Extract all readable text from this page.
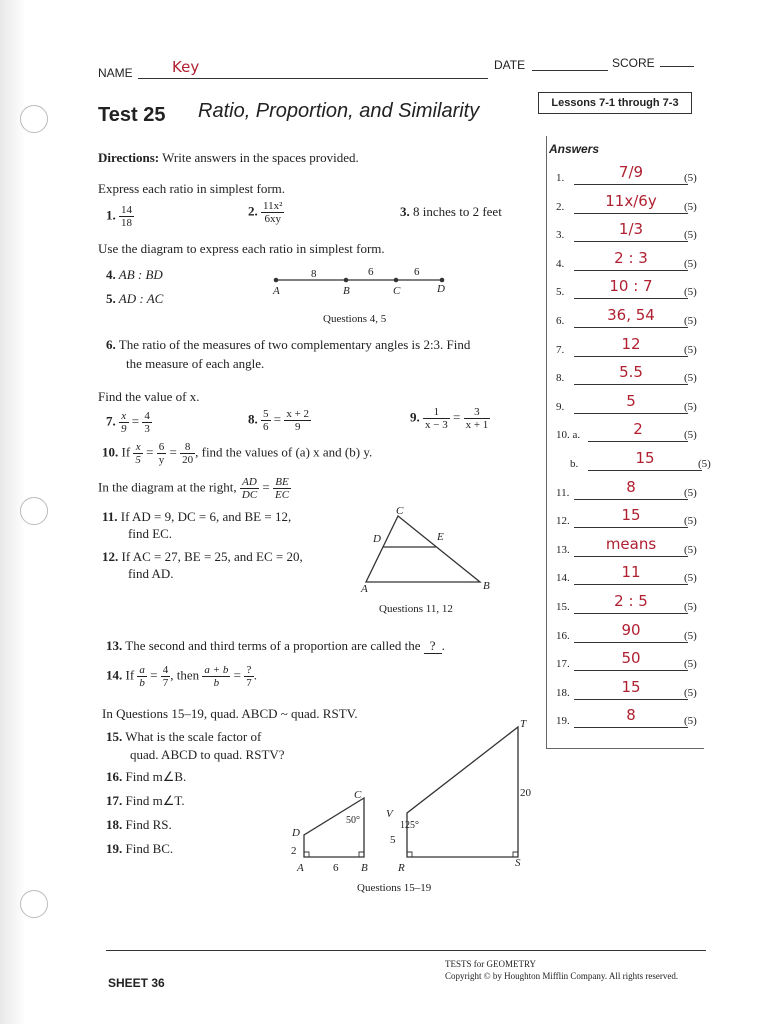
NAME	Key	DATE	SCORE
Test 25 Ratio, Proportion, and Similarity	Lessons 7-1 through 7-3
Directions: Write answers in the spaces provided.
Express each ratio in simplest form.
1. $\frac{14}{18}$	2. $\frac{\text{11x²}}{6xy}$	3. 8 inches to 2 feet
Use the diagram to express each ratio in simplest form.
4. AB : BD
5. AD : AC	A	B	C	D
8	6	6
Questions 4, 5
6. The ratio of the measures of two complementary angles is 2:3. Find
the measure of each angle.
Find the value of x.
7. $\frac{x}{9} = \frac{4}{3}$	8. $\frac{5}{6} = \frac{x + 2}{9}$	9. $\frac{1}{x - 3} = \frac{3}{x + 1}$
10. If $\frac{x}{5} = \frac{6}{y} = \frac{8}{20}$ , find the values of (a) x and (b) y.
In the diagram at the right, $\frac{AD}{DC} = \frac{BE}{EC}$
11. If AD = 9, DC = 6, and BE = 12,
find EC.
12. If AC = 27, BE = 25, and EC = 20,
find AD.
C
D	E
A	B
Questions 11, 12
13. The second and third terms of a proportion are called the ? .
14. If $\frac{a}{b} = \frac{4}{7}$ , then $\frac{a + b}{b} = \frac{?}{7}$ .
In Questions 15–19, quad. ABCD ~ quad. RSTV.
15. What is the scale factor of
quad. ABCD to quad. RSTV?
16. Find m∠B.
17. Find m∠T.
18. Find RS.
19. Find BC.
C
D
A	B
2
6
50°
T
V
R	S
125°
5
20
Questions 15–19
Answers
1.	7/9	(5)
2.	11x/6y	(5)
3.	1/3	(5)
4.	2 : 3	(5)
5.	10 : 7	(5)
6.	36, 54	(5)
7.	12	(5)
8.	5.5	(5)
9.	5	(5)
10. a.	2	(5)
b.	15	(5)
11.	8	(5)
12.	15	(5)
13.	means	(5)
14.	11	(5)
15.	2 : 5	(5)
16.	90	(5)
17.	50	(5)
18.	15	(5)
19.	8	(5)
SHEET 36
TESTS for GEOMETRY
Copyright © by Houghton Mifflin Company. All rights reserved.
